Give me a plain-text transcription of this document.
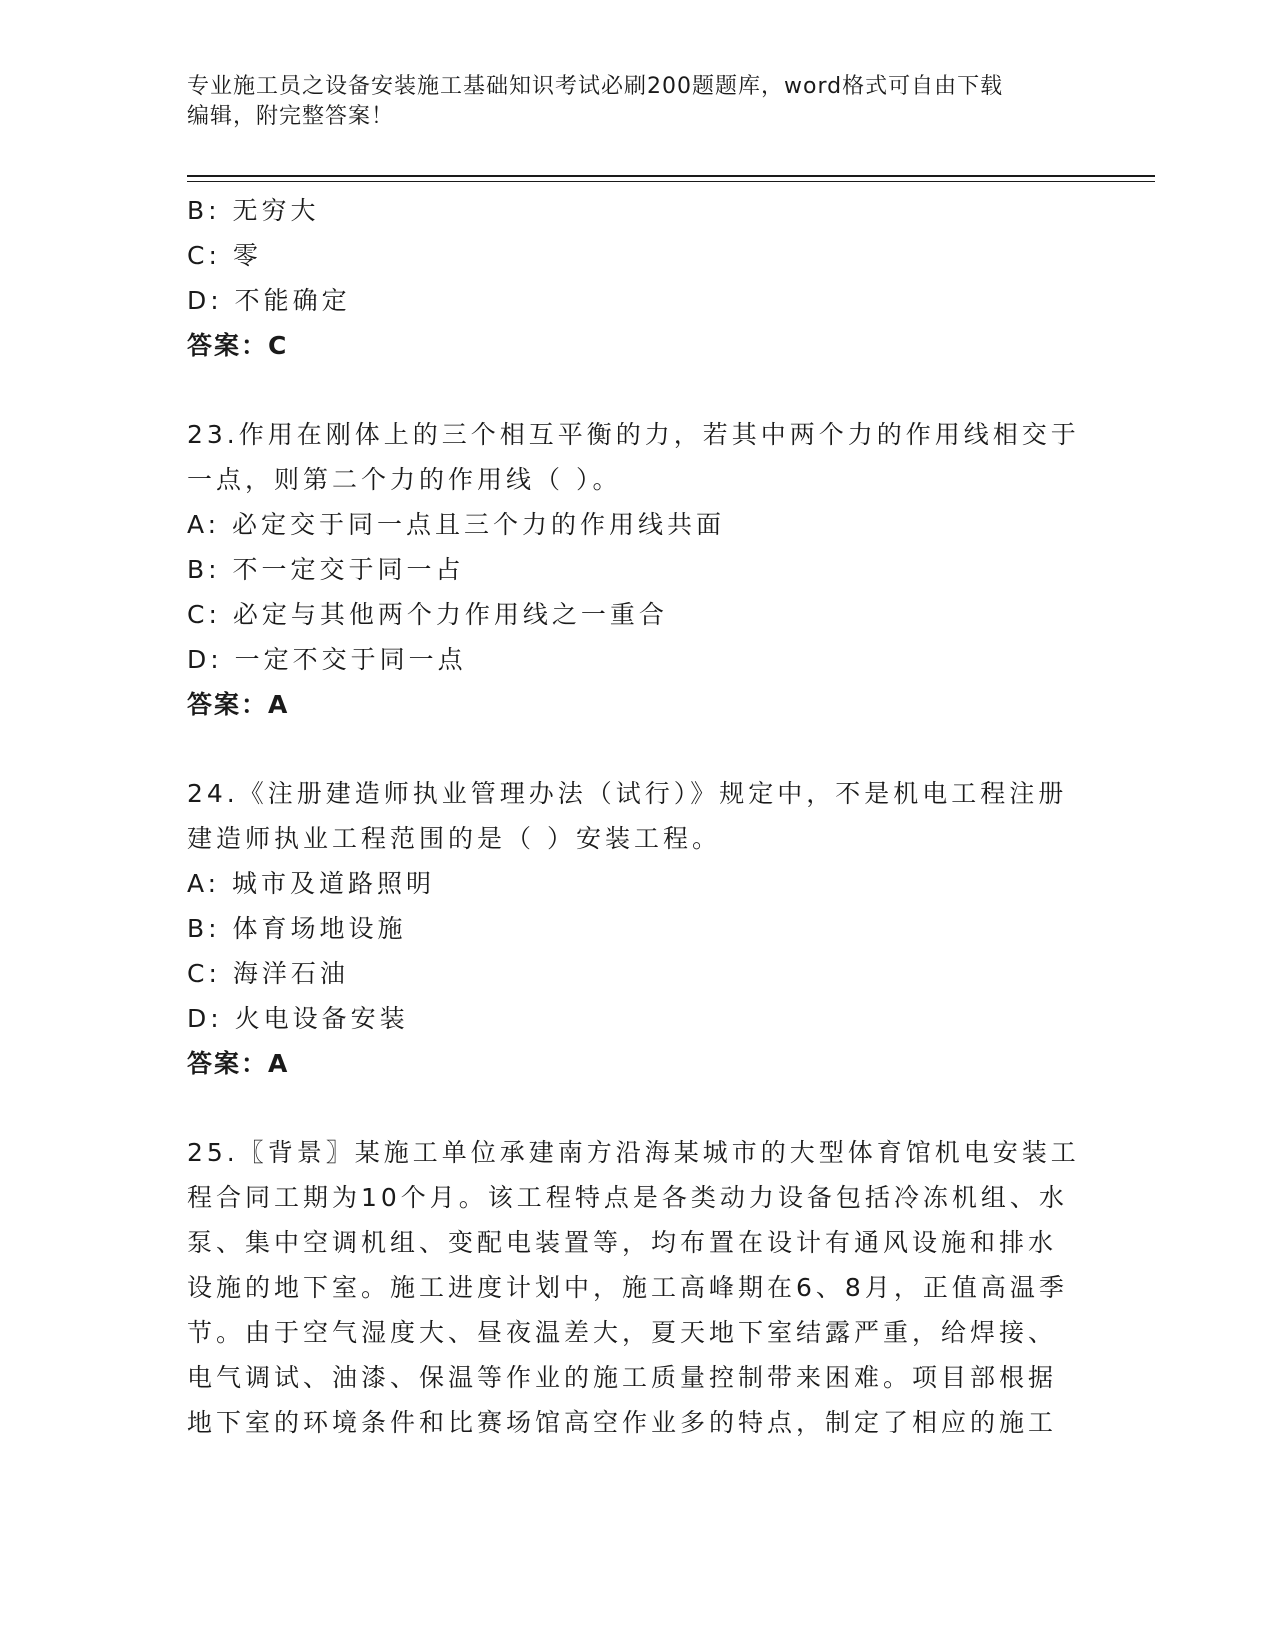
专业施工员之设备安装施工基础知识考试必刷200题题库，word格式可自由下载
编辑，附完整答案！
B: 无穷大
C: 零
D: 不能确定
答案：C
23.作用在刚体上的三个相互平衡的力，若其中两个力的作用线相交于
一点，则第二个力的作用线（ ）。
A: 必定交于同一点且三个力的作用线共面
B: 不一定交于同一占
C: 必定与其他两个力作用线之一重合
D: 一定不交于同一点
答案：A
24.《注册建造师执业管理办法（试行）》规定中，不是机电工程注册
建造师执业工程范围的是（ ）安装工程。
A: 城市及道路照明
B: 体育场地设施
C: 海洋石油
D: 火电设备安装
答案：A
25.〖背景〗某施工单位承建南方沿海某城市的大型体育馆机电安装工
程合同工期为10个月。该工程特点是各类动力设备包括冷冻机组、水
泵、集中空调机组、变配电装置等，均布置在设计有通风设施和排水
设施的地下室。施工进度计划中，施工高峰期在6、8月，正值高温季
节。由于空气湿度大、昼夜温差大，夏天地下室结露严重，给焊接、
电气调试、油漆、保温等作业的施工质量控制带来困难。项目部根据
地下室的环境条件和比赛场馆高空作业多的特点，制定了相应的施工
